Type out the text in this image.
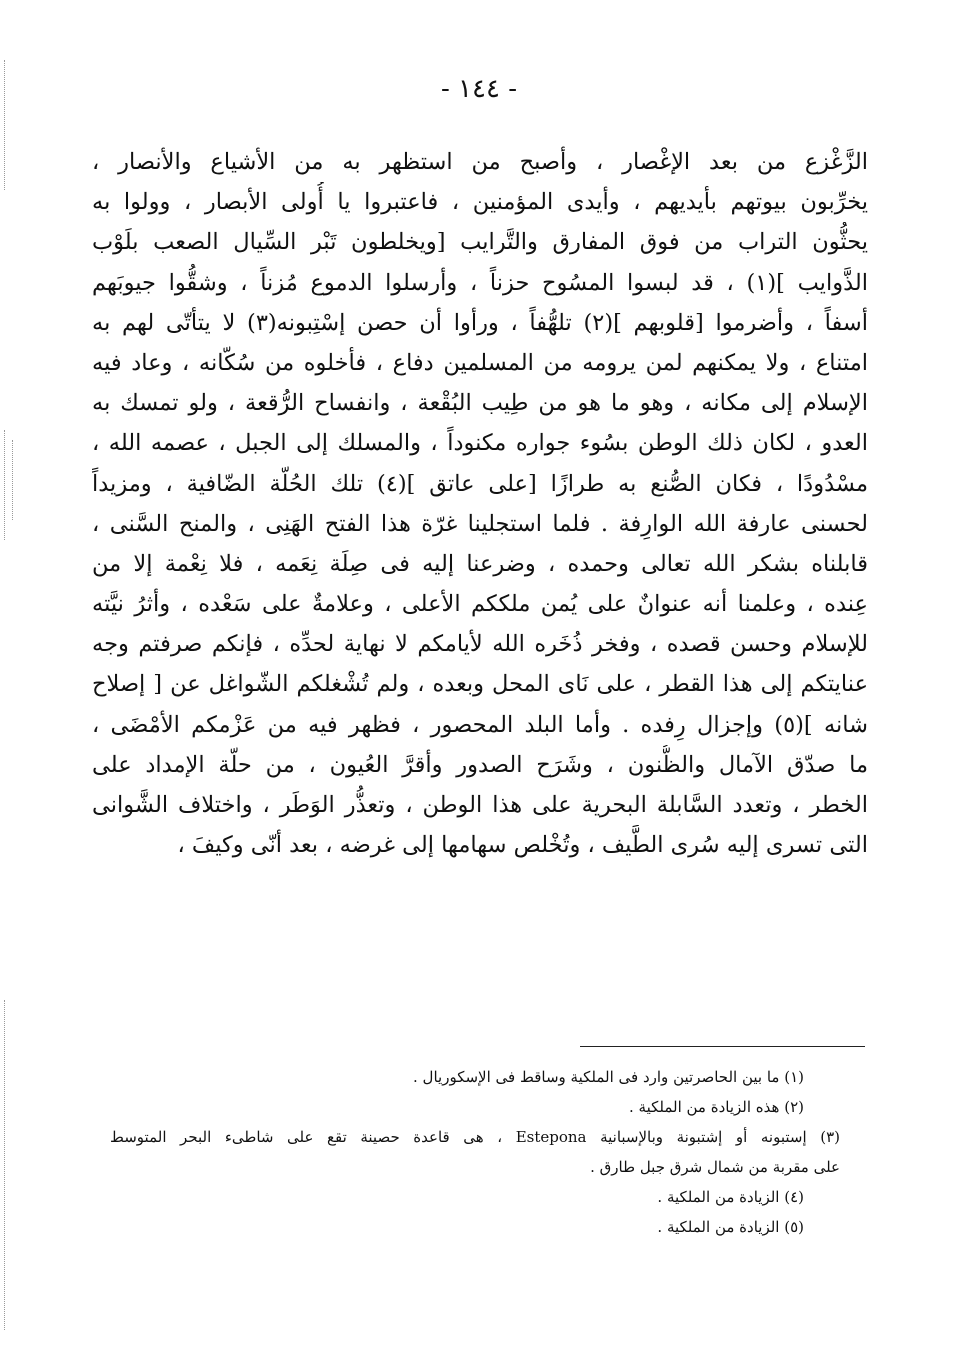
- ١٤٤ -
الزَّغْزع من بعد الإغْصار ، وأصبح من استظهر به من الأشياع والأنصار ،
يخرِّبون بيوتهم بأيديهم ، وأيدى المؤمنين ، فاعتبروا يا أُولى الأبصار ، وولوا به
يحثُّون التراب من فوق المفارق والتَّرايب [ويخلطون تَبْر السِّيال الصعب بلَوْب
الذَّوايب ](١) ، قد لبسوا المسُوح حزناً ، وأرسلوا الدموع مُزناً ، وشقُّوا جيوبَهم
أسفاً ، وأضرموا [قلوبهم ](٢) تلهُّفاً ، ورأوا أن حصن إسْتِبونه(٣) لا يتأتّى لهم به
امتناع ، ولا يمكنهم لمن يرومه من المسلمين دفاع ، فأخلوه من سُكّانه ، وعاد فيه
الإسلام إلى مكانه ، وهو ما هو من طِيب البُقْعة ، وانفساح الرُّقعة ، ولو تمسك به
العدو ، لكان ذلك الوطن بسُوء جواره مكنوداً ، والمسلك إلى الجبل ، عصمه الله ،
مسْدُودًا ، فكان الصُّنع به طرازًا [على عاتق ](٤) تلك الحُلّة الضّافية ، ومزيداً
لحسنى عارفة الله الوارِفة . فلما استجلينا غرّة هذا الفتح الهَنِى ، والمنح السَّنى ،
قابلناه بشكر الله تعالى وحمده ، وضرعنا إليه فى صِلَة نِعَمه ، فلا نِعْمة إلا من
عِنده ، وعلمنا أنه عنوانٌ على يُمن ملككم الأعلى ، وعلامةٌ على سَعْده ، وأثرُ نيَّته
للإسلام وحسن قصده ، وفخر ذُخَره الله لأيامكم لا نهاية لحدِّه ، فإنكم صرفتم وجه
عنايتكم إلى هذا القطر ، على نَاى المحل وبعده ، ولم تُشْغلكم الشّواغل عن [ إصلاح
شانه ](٥) وإجزال رِفده . وأما البلد المحصور ، فظهر فيه من عَزْمكم الأمْضَى ،
ما صدّق الآمال والظُّنون ، وشَرَح الصدور وأقرَّ العُيون ، من حلّة الإمداد على
الخطر ، وتعدد السَّابلة البحرية على هذا الوطن ، وتعذُّر الوَطَر ، واختلاف الشَّوانى
التى تسرى إليه سُرى الطَّيف ، وتُخْلص سهامها إلى غرضه ، بعد أنّى وكيفَ ،
(١) ما بين الحاصرتين وارد فى الملكية وساقط فى الإسكوريال .
(٢) هذه الزيادة من الملكية .
(٣) إستبونه أو إشتبونة وبالإسبانية Estepona ، هى قاعدة حصينة تقع على شاطىء البحر المتوسط
على مقربة من شمال شرق جبل طارق .
(٤) الزيادة من الملكية .
(٥) الزيادة من الملكية .
